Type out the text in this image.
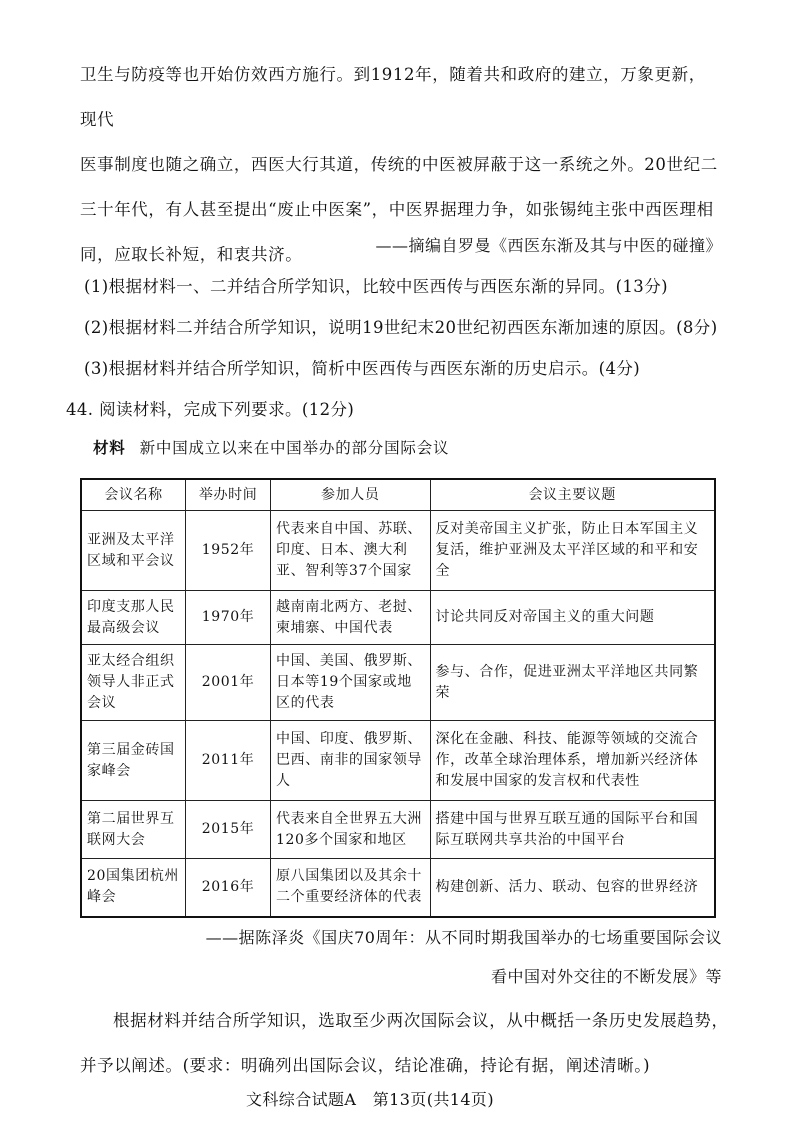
卫生与防疫等也开始仿效西方施行。到1912年，随着共和政府的建立，万象更新，现代
医事制度也随之确立，西医大行其道，传统的中医被屏蔽于这一系统之外。20世纪二
三十年代，有人甚至提出“废止中医案”，中医界据理力争，如张锡纯主张中西医理相
同，应取长补短，和衷共济。	——摘编自罗曼《西医东渐及其与中医的碰撞》
(1)根据材料一、二并结合所学知识，比较中医西传与西医东渐的异同。(13分)
(2)根据材料二并结合所学知识，说明19世纪末20世纪初西医东渐加速的原因。(8分)
(3)根据材料并结合所学知识，简析中医西传与西医东渐的历史启示。(4分)
44. 阅读材料，完成下列要求。(12分)
材料 新中国成立以来在中国举办的部分国际会议
会议名称	举办时间	参加人员	会议主要议题
亚洲及太平洋区域和平会议	1952年	代表来自中国、苏联、印度、日本、澳大利亚、智利等37个国家	反对美帝国主义扩张，防止日本军国主义复活，维护亚洲及太平洋区域的和平和安全
印度支那人民最高级会议	1970年	越南南北两方、老挝、柬埔寨、中国代表	讨论共同反对帝国主义的重大问题
亚太经合组织领导人非正式会议	2001年	中国、美国、俄罗斯、日本等19个国家或地区的代表	参与、合作，促进亚洲太平洋地区共同繁荣
第三届金砖国家峰会	2011年	中国、印度、俄罗斯、巴西、南非的国家领导人	深化在金融、科技、能源等领域的交流合作，改革全球治理体系，增加新兴经济体和发展中国家的发言权和代表性
第二届世界互联网大会	2015年	代表来自全世界五大洲120多个国家和地区	搭建中国与世界互联互通的国际平台和国际互联网共享共治的中国平台
20国集团杭州峰会	2016年	原八国集团以及其余十二个重要经济体的代表	构建创新、活力、联动、包容的世界经济
——据陈泽炎《国庆70周年：从不同时期我国举办的七场重要国际会议
看中国对外交往的不断发展》等
根据材料并结合所学知识，选取至少两次国际会议，从中概括一条历史发展趋势，
并予以阐述。(要求：明确列出国际会议，结论准确，持论有据，阐述清晰。)
文科综合试题A　第13页(共14页)
